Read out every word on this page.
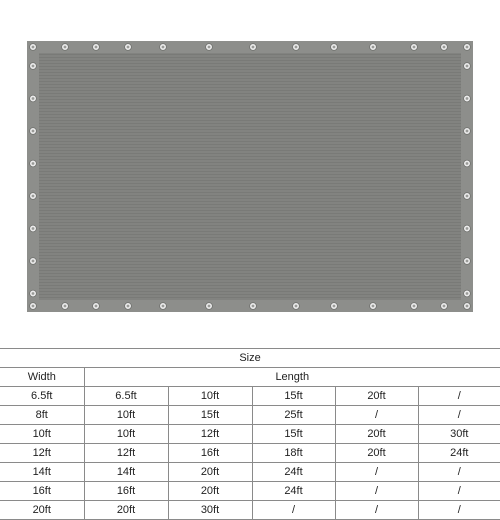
Size					
Width	Length				
6.5ft	6.5ft	10ft	15ft	20ft	/
8ft	10ft	15ft	25ft	/	/
10ft	10ft	12ft	15ft	20ft	30ft
12ft	12ft	16ft	18ft	20ft	24ft
14ft	14ft	20ft	24ft	/	/
16ft	16ft	20ft	24ft	/	/
20ft	20ft	30ft	/	/	/
